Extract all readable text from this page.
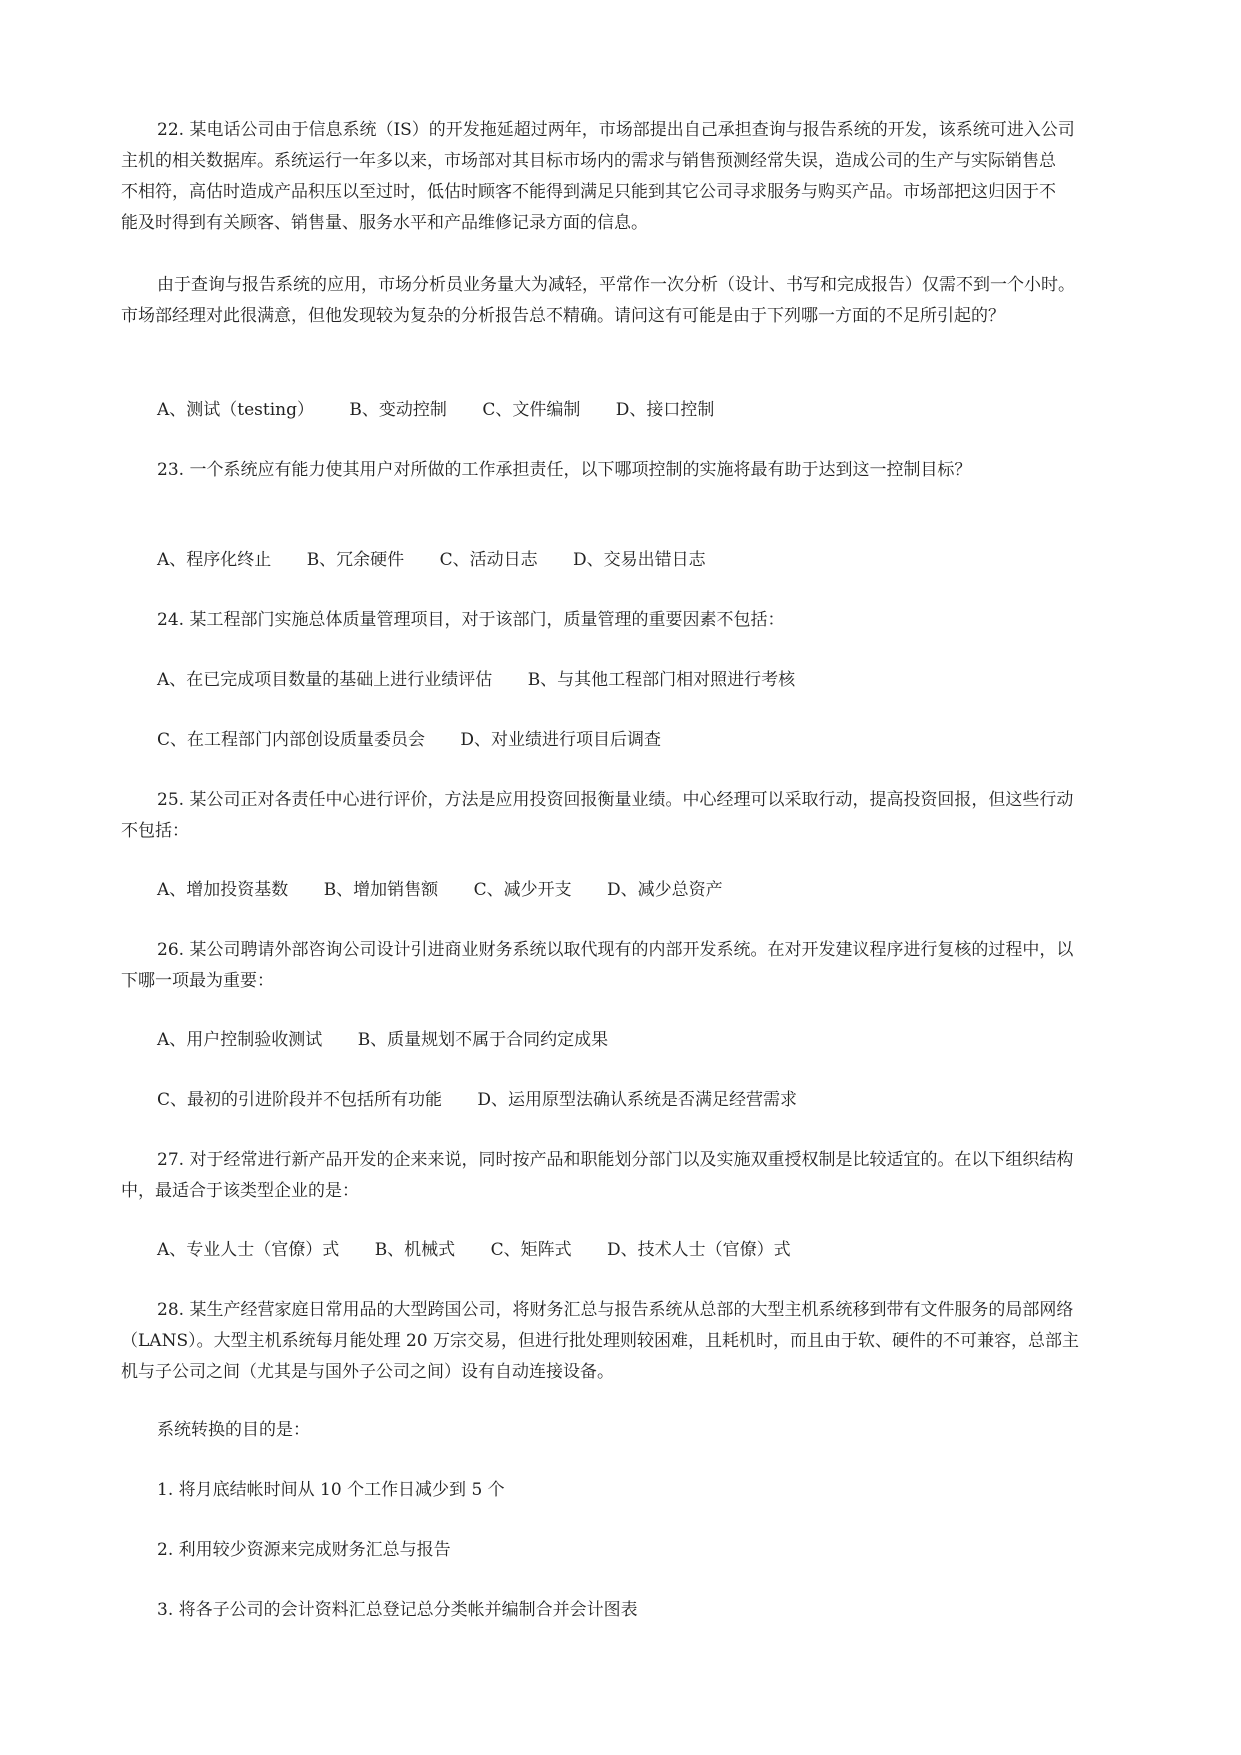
22. 某电话公司由于信息系统（IS）的开发拖延超过两年，市场部提出自己承担查询与报告系统的开发，该系统可进入公司
主机的相关数据库。系统运行一年多以来，市场部对其目标市场内的需求与销售预测经常失误，造成公司的生产与实际销售总
不相符，高估时造成产品积压以至过时，低估时顾客不能得到满足只能到其它公司寻求服务与购买产品。市场部把这归因于不
能及时得到有关顾客、销售量、服务水平和产品维修记录方面的信息。
由于查询与报告系统的应用，市场分析员业务量大为减轻，平常作一次分析（设计、书写和完成报告）仅需不到一个小时。
市场部经理对此很满意，但他发现较为复杂的分析报告总不精确。请问这有可能是由于下列哪一方面的不足所引起的？
A、测试（testing） B、变动控制 C、文件编制 D、接口控制
23. 一个系统应有能力使其用户对所做的工作承担责任，以下哪项控制的实施将最有助于达到这一控制目标？
A、程序化终止 B、冗余硬件 C、活动日志 D、交易出错日志
24. 某工程部门实施总体质量管理项目，对于该部门，质量管理的重要因素不包括：
A、在已完成项目数量的基础上进行业绩评估 B、与其他工程部门相对照进行考核
C、在工程部门内部创设质量委员会 D、对业绩进行项目后调查
25. 某公司正对各责任中心进行评价，方法是应用投资回报衡量业绩。中心经理可以采取行动，提高投资回报，但这些行动
不包括：
A、增加投资基数 B、增加销售额 C、减少开支 D、减少总资产
26. 某公司聘请外部咨询公司设计引进商业财务系统以取代现有的内部开发系统。在对开发建议程序进行复核的过程中，以
下哪一项最为重要：
A、用户控制验收测试 B、质量规划不属于合同约定成果
C、最初的引进阶段并不包括所有功能 D、运用原型法确认系统是否满足经营需求
27. 对于经常进行新产品开发的企来来说，同时按产品和职能划分部门以及实施双重授权制是比较适宜的。在以下组织结构
中，最适合于该类型企业的是：
A、专业人士（官僚）式 B、机械式 C、矩阵式 D、技术人士（官僚）式
28. 某生产经营家庭日常用品的大型跨国公司，将财务汇总与报告系统从总部的大型主机系统移到带有文件服务的局部网络
（LANS）。大型主机系统每月能处理 20 万宗交易，但进行批处理则较困难，且耗机时，而且由于软、硬件的不可兼容，总部主
机与子公司之间（尤其是与国外子公司之间）设有自动连接设备。
系统转换的目的是：
1. 将月底结帐时间从 10 个工作日减少到 5 个
2. 利用较少资源来完成财务汇总与报告
3. 将各子公司的会计资料汇总登记总分类帐并编制合并会计图表
